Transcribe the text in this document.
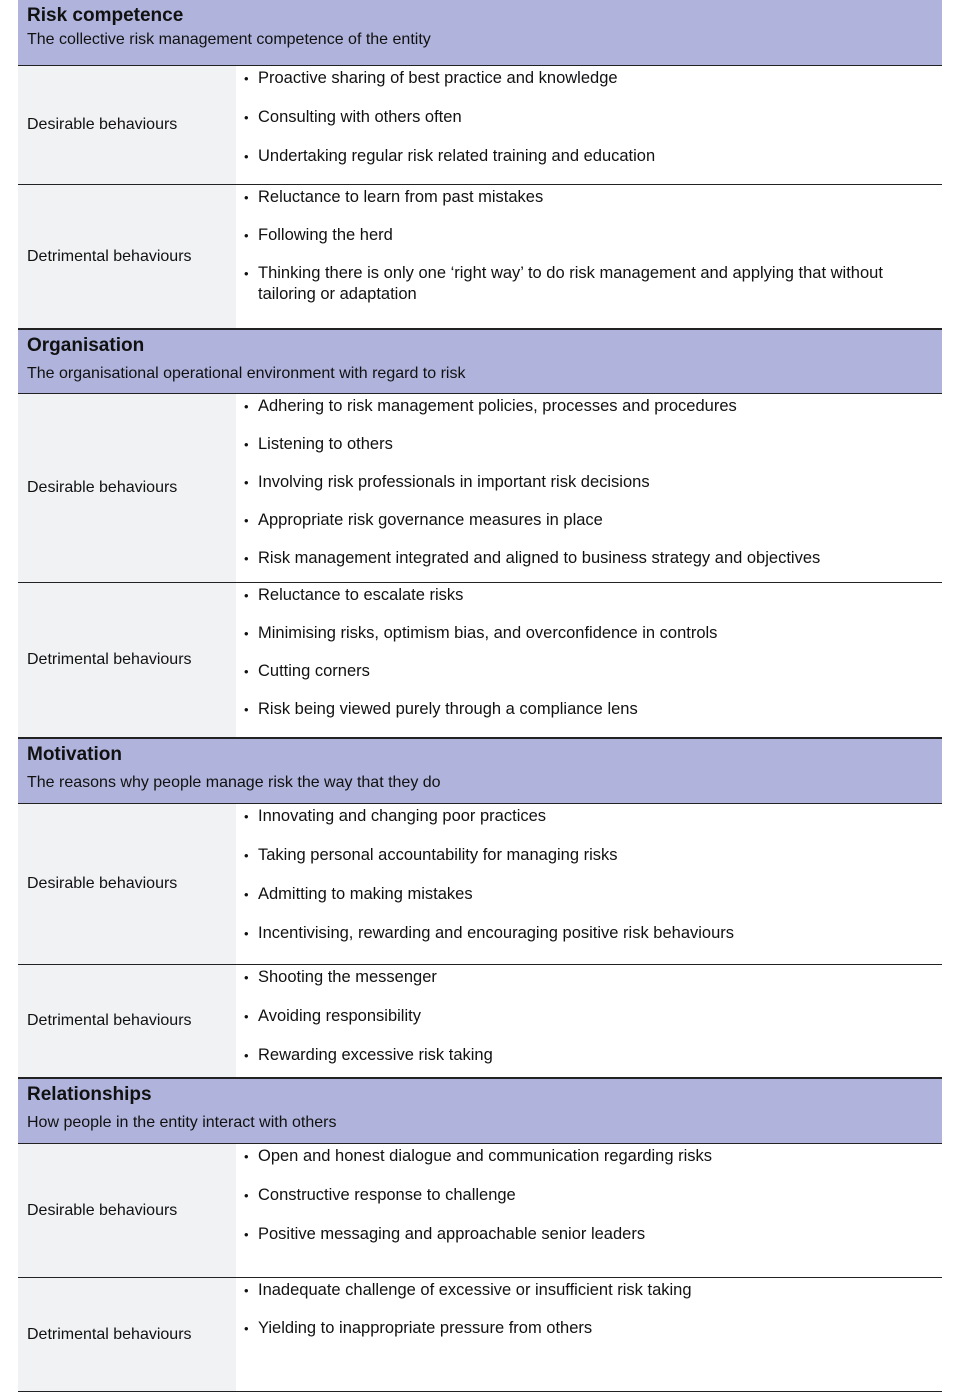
Risk competence
The collective risk management competence of the entity
Desirable behaviours
• Proactive sharing of best practice and knowledge
• Consulting with others often
• Undertaking regular risk related training and education
Detrimental behaviours
• Reluctance to learn from past mistakes
• Following the herd
• Thinking there is only one ‘right way’ to do risk management and applying that without tailoring or adaptation
Organisation
The organisational operational environment with regard to risk
Desirable behaviours
• Adhering to risk management policies, processes and procedures
• Listening to others
• Involving risk professionals in important risk decisions
• Appropriate risk governance measures in place
• Risk management integrated and aligned to business strategy and objectives
Detrimental behaviours
• Reluctance to escalate risks
• Minimising risks, optimism bias, and overconfidence in controls
• Cutting corners
• Risk being viewed purely through a compliance lens
Motivation
The reasons why people manage risk the way that they do
Desirable behaviours
• Innovating and changing poor practices
• Taking personal accountability for managing risks
• Admitting to making mistakes
• Incentivising, rewarding and encouraging positive risk behaviours
Detrimental behaviours
• Shooting the messenger
• Avoiding responsibility
• Rewarding excessive risk taking
Relationships
How people in the entity interact with others
Desirable behaviours
• Open and honest dialogue and communication regarding risks
• Constructive response to challenge
• Positive messaging and approachable senior leaders
Detrimental behaviours
• Inadequate challenge of excessive or insufficient risk taking
• Yielding to inappropriate pressure from others
